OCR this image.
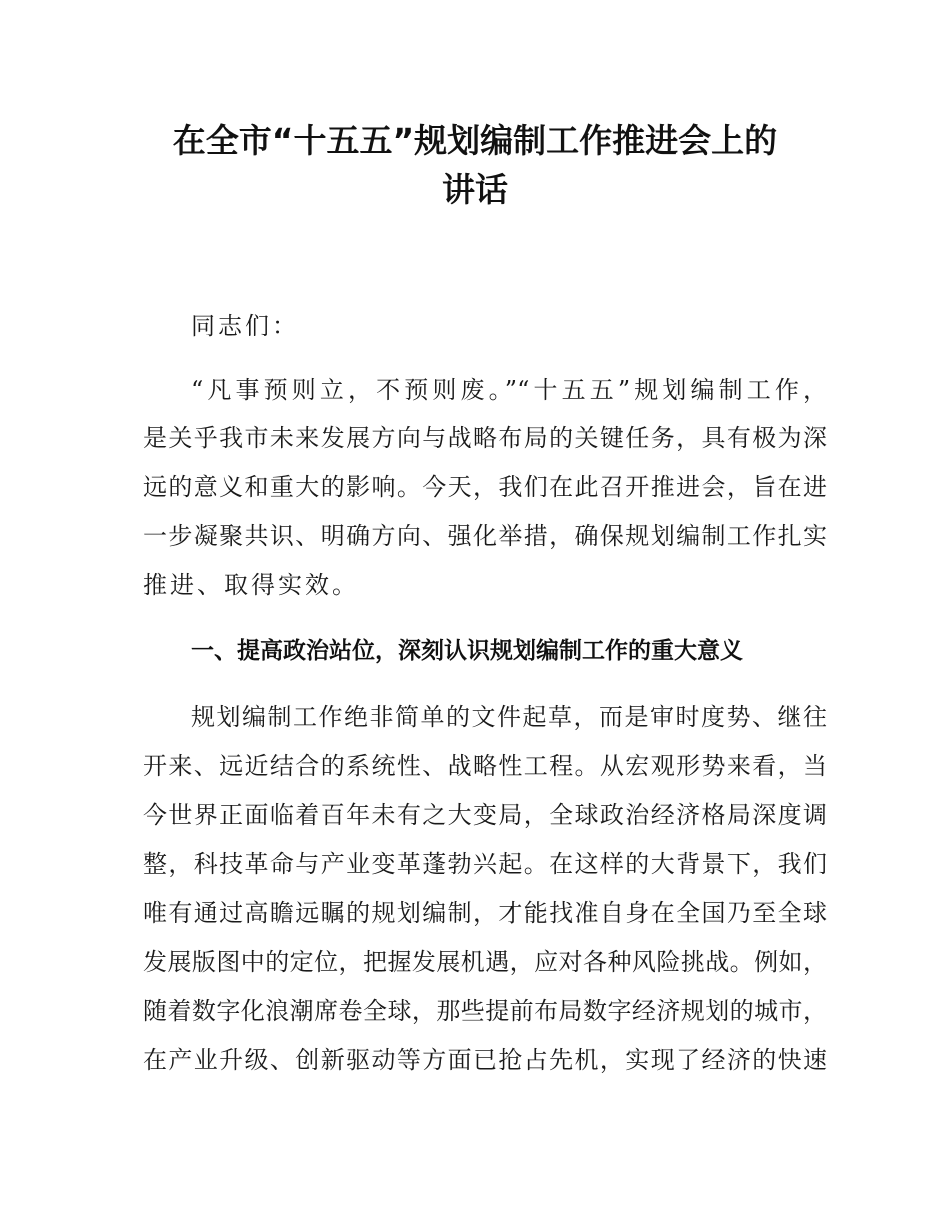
在全市“十五五”规划编制工作推进会上的
讲话
同志们：
“凡事预则立，不预则废。”“十五五”规划编制工作，
是关乎我市未来发展方向与战略布局的关键任务，具有极为深
远的意义和重大的影响。今天，我们在此召开推进会，旨在进
一步凝聚共识、明确方向、强化举措，确保规划编制工作扎实
推进、取得实效。
一、提高政治站位，深刻认识规划编制工作的重大意义
规划编制工作绝非简单的文件起草，而是审时度势、继往
开来、远近结合的系统性、战略性工程。从宏观形势来看，当
今世界正面临着百年未有之大变局，全球政治经济格局深度调
整，科技革命与产业变革蓬勃兴起。在这样的大背景下，我们
唯有通过高瞻远瞩的规划编制，才能找准自身在全国乃至全球
发展版图中的定位，把握发展机遇，应对各种风险挑战。例如，
随着数字化浪潮席卷全球，那些提前布局数字经济规划的城市，
在产业升级、创新驱动等方面已抢占先机，实现了经济的快速
